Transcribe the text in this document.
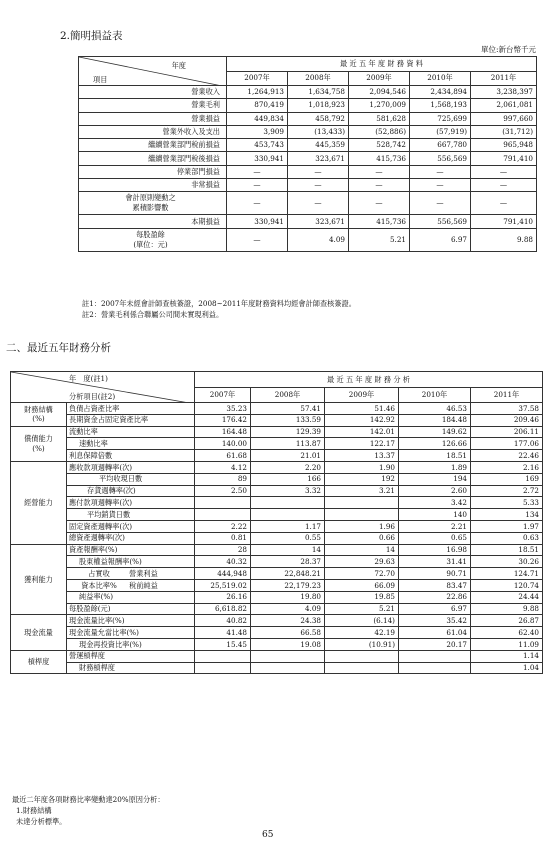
2.簡明損益表
單位:新台幣千元
年度
項目	最 近 五 年 度 財 務 資 料				
	2007年	2008年	2009年	2010年	2011年
營業收入	1,264,913	1,634,758	2,094,546	2,434,894	3,238,397
營業毛利	870,419	1,018,923	1,270,009	1,568,193	2,061,081
營業損益	449,834	458,792	581,628	725,699	997,660
營業外收入及支出	3,909	(13,433)	(52,886)	(57,919)	(31,712)
繼續營業部門稅前損益	453,743	445,359	528,742	667,780	965,948
繼續營業部門稅後損益	330,941	323,671	415,736	556,569	791,410
停業部門損益	—	—	—	—	—
非常損益	—	—	—	—	—

會計原則變動之
累積影響數	—	—	—	—	—
本期損益	330,941	323,671	415,736	556,569	791,410

每股盈餘
(單位：元)	—	4.09	5.21	6.97	9.88
註1：2007年未經會計師查核簽證，2008~2011年度財務資料均經會計師查核簽證。
註2：營業毛利係合聯屬公司間未實現利益。
二、最近五年財務分析
年　度(註1)
分析項目(註2)		最 近 五 年 度 財 務 分 析				
		2007年	2008年	2009年	2010年	2011年

財務結構
(%)	負債占資產比率	35.23	57.41	51.46	46.53	37.58
	長期資金占固定資產比率	176.42	133.59	142.92	184.48	209.46

償債能力
(%)	流動比率	164.48	129.39	142.01	149.62	206.11
	速動比率	140.00	113.87	122.17	126.66	177.06
	利息保障倍數	61.68	21.01	13.37	18.51	22.46

經營能力	應收款項週轉率(次)	4.12	2.20	1.90	1.89	2.16
	平均收現日數	89	166	192	194	169
	存貨週轉率(次)	2.50	3.32	3.21	2.60	2.72
	應付款項週轉率(次)				3.42	5.33
	平均銷貨日數				140	134
	固定資產週轉率(次)	2.22	1.17	1.96	2.21	1.97
	總資產週轉率(次)	0.81	0.55	0.66	0.65	0.63

獲利能力	資產報酬率(%)	28	14	14	16.98	18.51
	股東權益報酬率(%)	40.32	28.37	29.63	31.41	30.26
	占實收 營業利益	444,948	22,848.21	72.70	90.71	124.71
	資本比率% 稅前純益	25,519.02	22,179.23	66.09	83.47	120.74
	純益率(%)	26.16	19.80	19.85	22.86	24.44
	每股盈餘(元)	6,618.82	4.09	5.21	6.97	9.88

現金流量	現金流量比率(%)	40.82	24.38	(6.14)	35.42	26.87
	現金流量允當比率(%)	41.48	66.58	42.19	61.04	62.40
	現金再投資比率(%)	15.45	19.08	(10.91)	20.17	11.09

槓桿度	營運槓桿度					1.14
	財務槓桿度					1.04
最近二年度各項財務比率變動達20%原因分析：
1.財務結構
未達分析標準。
65
